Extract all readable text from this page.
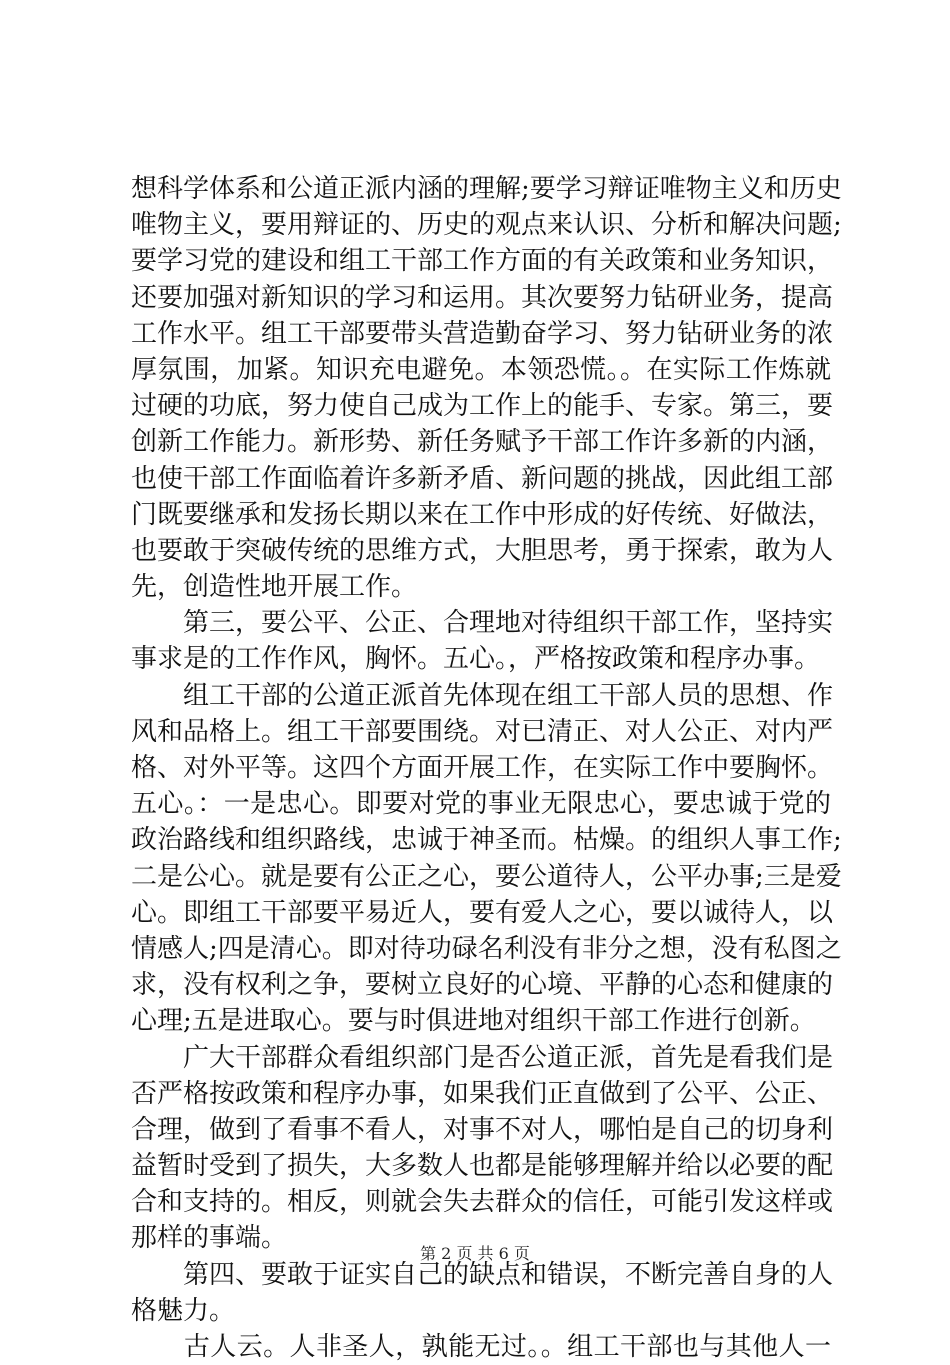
想科学体系和公道正派内涵的理解;要学习辩证唯物主义和历史
唯物主义，要用辩证的、历史的观点来认识、分析和解决问题;
要学习党的建设和组工干部工作方面的有关政策和业务知识，
还要加强对新知识的学习和运用。其次要努力钻研业务，提高
工作水平。组工干部要带头营造勤奋学习、努力钻研业务的浓
厚氛围，加紧。知识充电避免。本领恐慌。。在实际工作炼就
过硬的功底，努力使自己成为工作上的能手、专家。第三，要
创新工作能力。新形势、新任务赋予干部工作许多新的内涵，
也使干部工作面临着许多新矛盾、新问题的挑战，因此组工部
门既要继承和发扬长期以来在工作中形成的好传统、好做法，
也要敢于突破传统的思维方式，大胆思考，勇于探索，敢为人
先，创造性地开展工作。
　　第三，要公平、公正、合理地对待组织干部工作，坚持实
事求是的工作作风，胸怀。五心。，严格按政策和程序办事。
　　组工干部的公道正派首先体现在组工干部人员的思想、作
风和品格上。组工干部要围绕。对已清正、对人公正、对内严
格、对外平等。这四个方面开展工作，在实际工作中要胸怀。
五心。：一是忠心。即要对党的事业无限忠心，要忠诚于党的
政治路线和组织路线，忠诚于神圣而。枯燥。的组织人事工作;
二是公心。就是要有公正之心，要公道待人，公平办事;三是爱
心。即组工干部要平易近人，要有爱人之心，要以诚待人，以
情感人;四是清心。即对待功碌名利没有非分之想，没有私图之
求，没有权利之争，要树立良好的心境、平静的心态和健康的
心理;五是进取心。要与时俱进地对组织干部工作进行创新。
　　广大干部群众看组织部门是否公道正派，首先是看我们是
否严格按政策和程序办事，如果我们正直做到了公平、公正、
合理，做到了看事不看人，对事不对人，哪怕是自己的切身利
益暂时受到了损失，大多数人也都是能够理解并给以必要的配
合和支持的。相反，则就会失去群众的信任，可能引发这样或
那样的事端。
　　第四、要敢于证实自己的缺点和错误，不断完善自身的人
格魅力。
　　古人云。人非圣人，孰能无过。。组工干部也与其他人一
第 2 页 共 6 页
